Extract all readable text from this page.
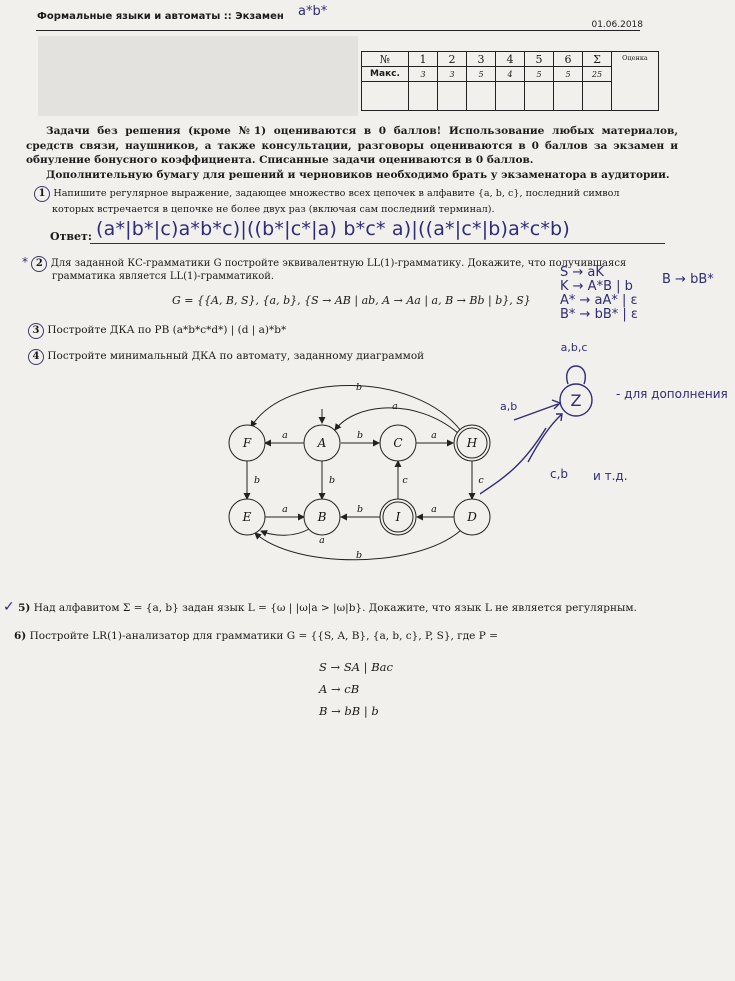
Формальные языки и автоматы :: Экзамен a*b*
01.06.2018
№	1	2	3	4	5	6	Σ	Оценка
Макс.	3	3	5	4	5	5	25	

Задачи без решения (кроме №1) оцениваются в 0 баллов! Использование любых материалов, средств связи, наушников, а также консультации, разговоры оцениваются в 0 баллов за экзамен и обнуление бонусного коэффициента. Списанные задачи оцениваются в 0 баллов.

Дополнительную бумагу для решений и черновиков необходимо брать у экзаменатора в аудитории.

1 Напишите регулярное выражение, задающее множество всех цепочек в алфавите {a, b, c}, последний символ
которых встречается в цепочке не более двух раз (включая сам последний терминал).
Ответ: (a*|b*|c)a*b*c)|((b*|c*|a) b*c* a)|((a*|c*|b)a*c*b)
* 2 Для заданной КС-грамматики G постройте эквивалентную LL(1)-грамматику. Докажите, что получившаяся
грамматика является LL(1)-грамматикой.
G = {{A, B, S}, {a, b}, {S → AB | ab, A → Aa | a, B → Bb | b}, S}
S → aK
K → A*B | b
A* → aA* | ε
B* → bB* | ε
B → bB*
3 Постройте ДКА по РВ (a*b*c*d*) | (d | a)*b*
4 Постройте минимальный ДКА по автомату, заданному диаграммой
Z
a,b,c
a,b
c,b и т.д.
- для дополнения
F	A	C	H
E	B	I	D
a	b	a
a
b
b	b	c	c
a	b	a
a
b
✓ 5) Над алфавитом Σ = {a, b} задан язык L = {ω | |ω|a > |ω|b}. Докажите, что язык L не является регулярным.
6) Постройте LR(1)-анализатор для грамматики G = {{S, A, B}, {a, b, c}, P, S}, где P =
S → SA | Bac
A → cB
B → bB | b
